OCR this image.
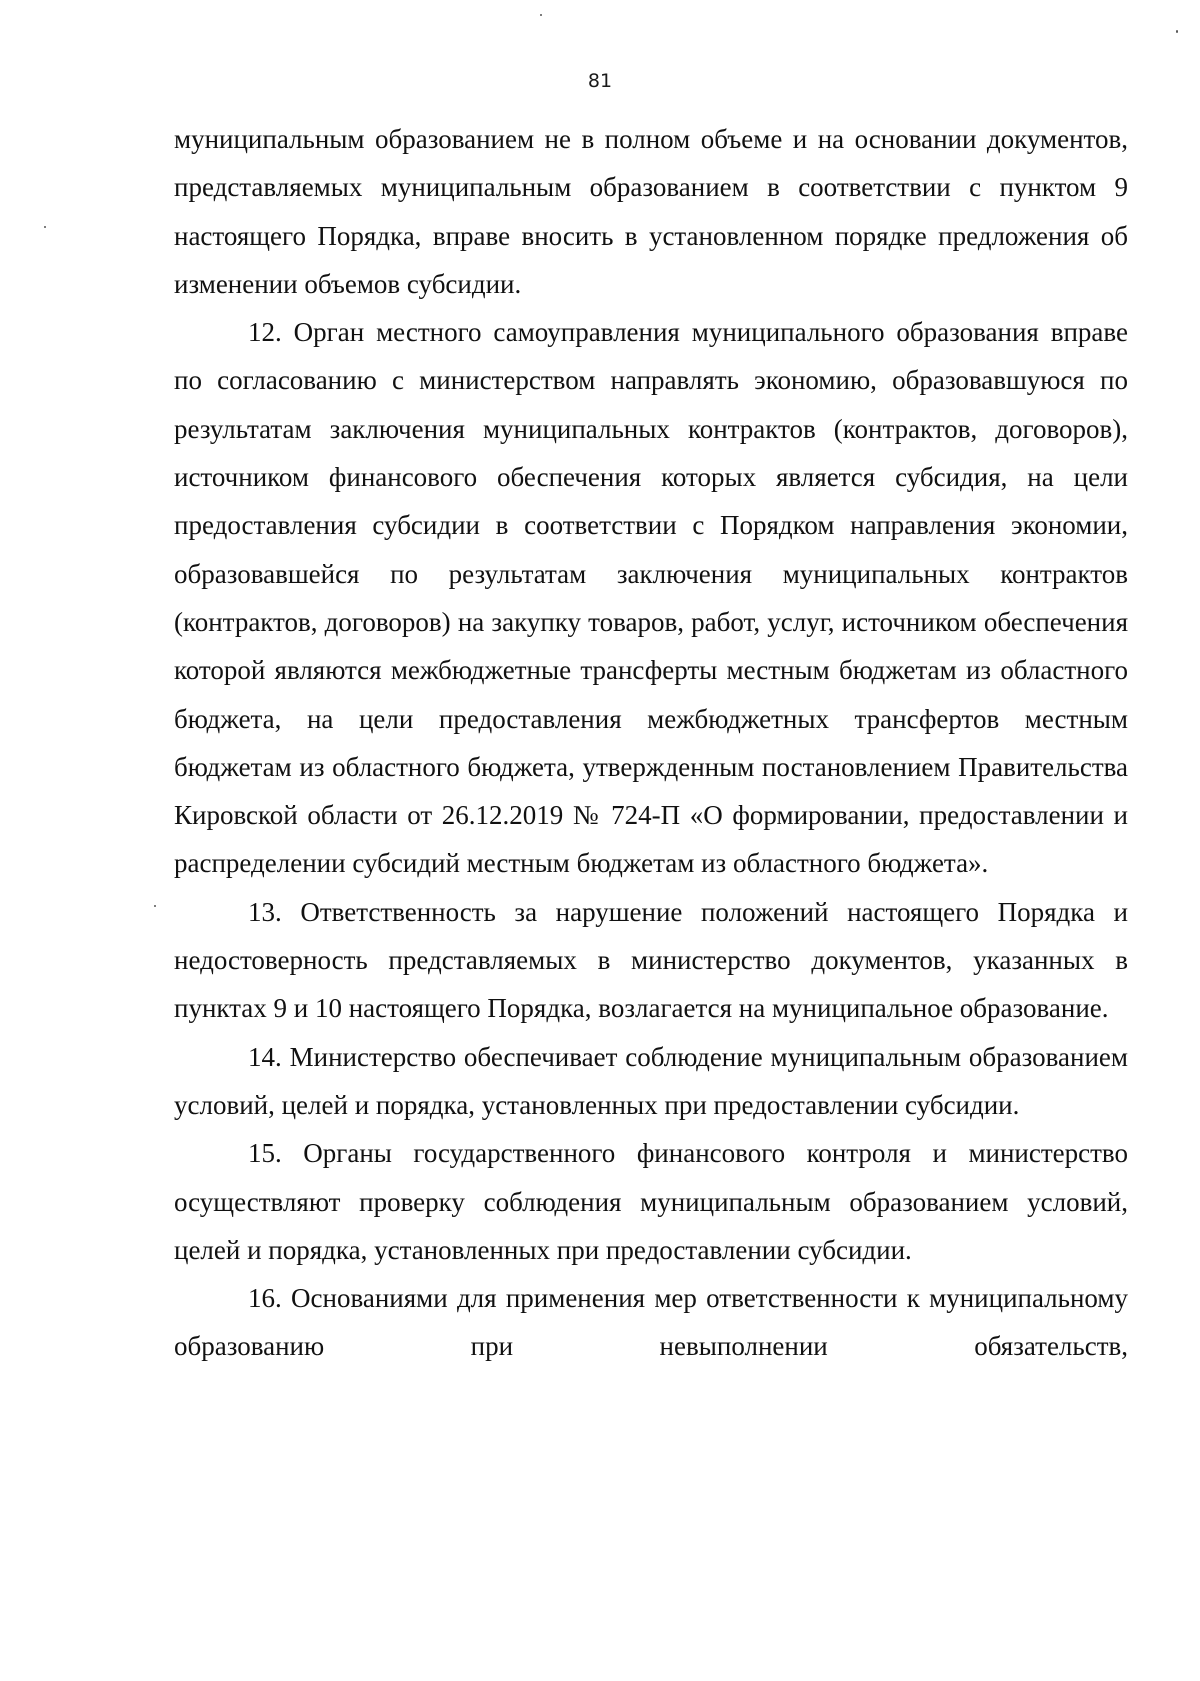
81

муниципальным образованием не в полном объеме и на основании документов, представляемых муниципальным образованием в соответствии с пунктом 9 настоящего Порядка, вправе вносить в установленном порядке предложения об изменении объемов субсидии.

12. Орган местного самоуправления муниципального образования вправе по согласованию с министерством направлять экономию, образовавшуюся по результатам заключения муниципальных контрактов (контрактов, договоров), источником финансового обеспечения которых является субсидия, на цели предоставления субсидии в соответствии с Порядком направления экономии, образовавшейся по результатам заключения муниципальных контрактов (контрактов, договоров) на закупку товаров, работ, услуг, источником обеспечения которой являются межбюджетные трансферты местным бюджетам из областного бюджета, на цели предоставления межбюджетных трансфертов местным бюджетам из областного бюджета, утвержденным постановлением Правительства Кировской области от 26.12.2019 № 724-П «О формировании, предоставлении и распределении субсидий местным бюджетам из областного бюджета».

13. Ответственность за нарушение положений настоящего Порядка и недостоверность представляемых в министерство документов, указанных в пунктах 9 и 10 настоящего Порядка, возлагается на муниципальное образование.

14. Министерство обеспечивает соблюдение муниципальным образованием условий, целей и порядка, установленных при предоставлении субсидии.

15. Органы государственного финансового контроля и министерство осуществляют проверку соблюдения муниципальным образованием условий, целей и порядка, установленных при предоставлении субсидии.

16. Основаниями для применения мер ответственности к муниципальному образованию при невыполнении обязательств,
